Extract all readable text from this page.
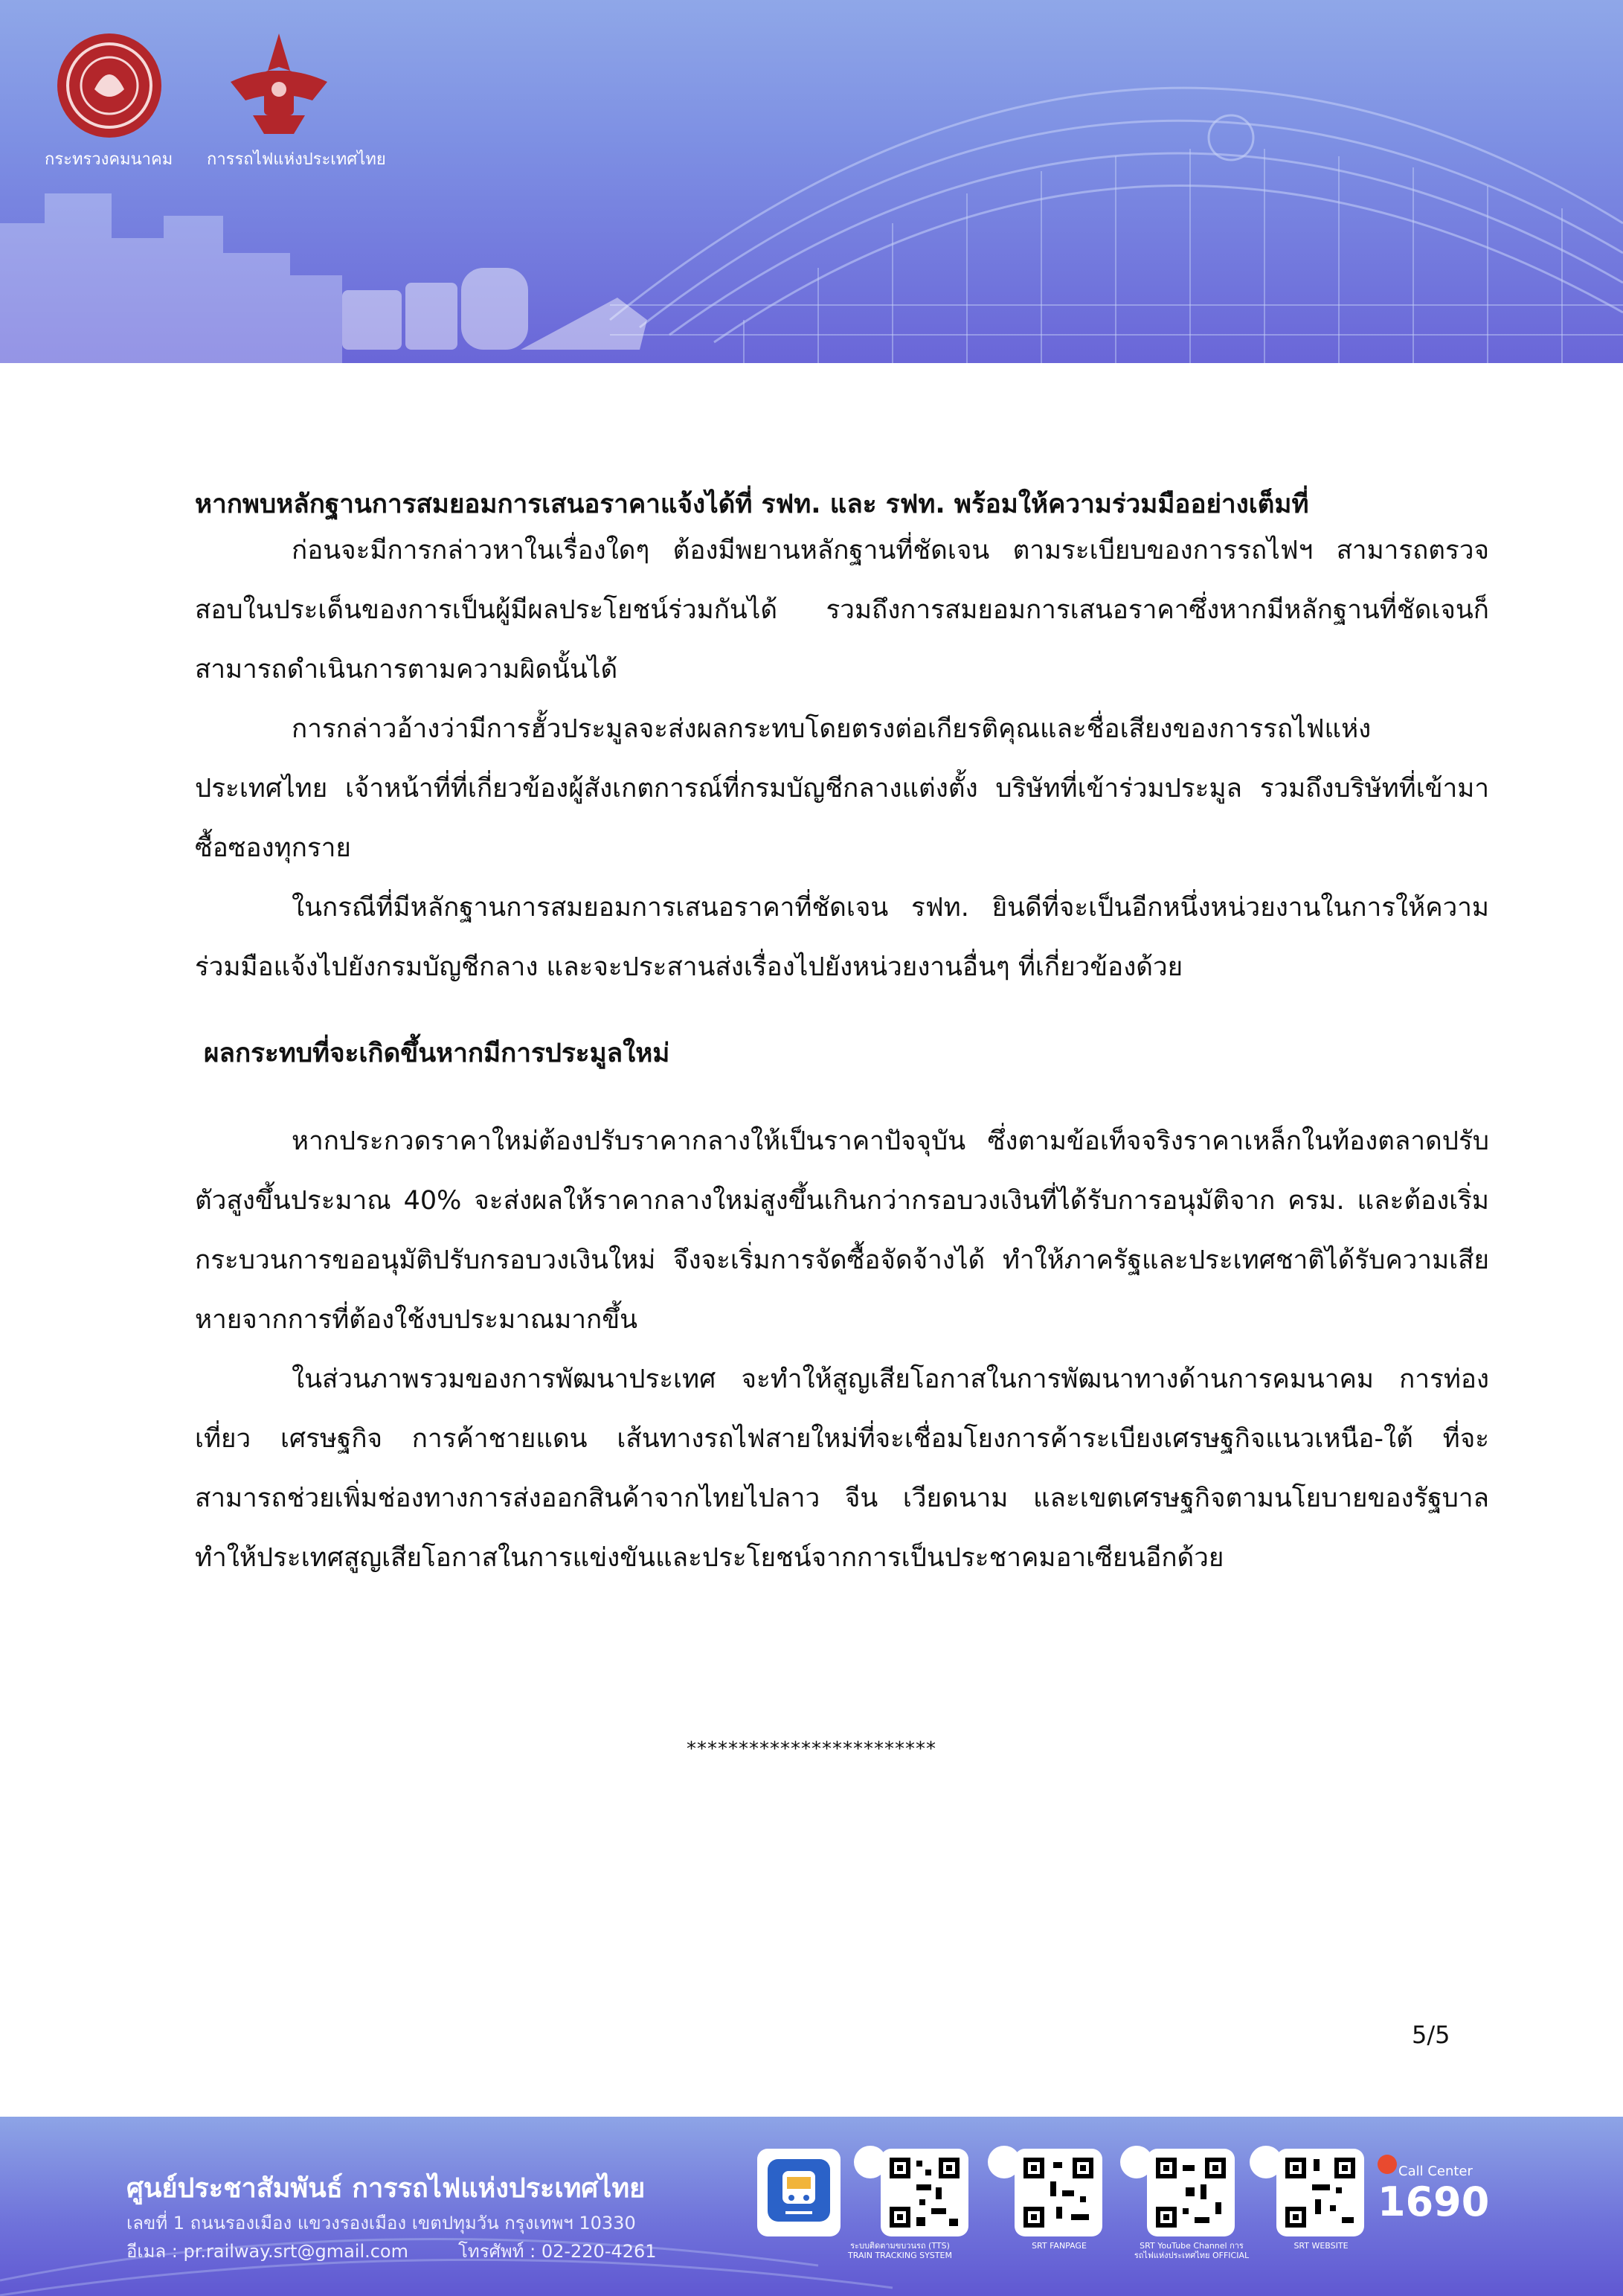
กระทรวงคมนาคม การรถไฟแห่งประเทศไทย
หากพบหลักฐานการสมยอมการเสนอราคาแจ้งได้ที่ รฟท. และ รฟท. พร้อมให้ความร่วมมืออย่างเต็มที่

ก่อนจะมีการกล่าวหาในเรื่องใดๆ ต้องมีพยานหลักฐานที่ชัดเจน ตามระเบียบของการรถไฟฯ สามารถตรวจสอบในประเด็นของการเป็นผู้มีผลประโยชน์ร่วมกันได้ รวมถึงการสมยอมการเสนอราคาซึ่งหากมีหลักฐานที่ชัดเจนก็สามารถดำเนินการตามความผิดนั้นได้

การกล่าวอ้างว่ามีการฮั้วประมูลจะส่งผลกระทบโดยตรงต่อเกียรติคุณและชื่อเสียงของการรถไฟแห่งประเทศไทย เจ้าหน้าที่ที่เกี่ยวข้องผู้สังเกตการณ์ที่กรมบัญชีกลางแต่งตั้ง บริษัทที่เข้าร่วมประมูล รวมถึงบริษัทที่เข้ามาซื้อซองทุกราย

ในกรณีที่มีหลักฐานการสมยอมการเสนอราคาที่ชัดเจน รฟท. ยินดีที่จะเป็นอีกหนึ่งหน่วยงานในการให้ความร่วมมือแจ้งไปยังกรมบัญชีกลาง และจะประสานส่งเรื่องไปยังหน่วยงานอื่นๆ ที่เกี่ยวข้องด้วย

ผลกระทบที่จะเกิดขึ้นหากมีการประมูลใหม่

หากประกวดราคาใหม่ต้องปรับราคากลางให้เป็นราคาปัจจุบัน ซึ่งตามข้อเท็จจริงราคาเหล็กในท้องตลาดปรับตัวสูงขึ้นประมาณ 40% จะส่งผลให้ราคากลางใหม่สูงขึ้นเกินกว่ากรอบวงเงินที่ได้รับการอนุมัติจาก ครม. และต้องเริ่มกระบวนการขออนุมัติปรับกรอบวงเงินใหม่ จึงจะเริ่มการจัดซื้อจัดจ้างได้ ทำให้ภาครัฐและประเทศชาติได้รับความเสียหายจากการที่ต้องใช้งบประมาณมากขึ้น

ในส่วนภาพรวมของการพัฒนาประเทศ จะทำให้สูญเสียโอกาสในการพัฒนาทางด้านการคมนาคม การท่องเที่ยว เศรษฐกิจ การค้าชายแดน เส้นทางรถไฟสายใหม่ที่จะเชื่อมโยงการค้าระเบียงเศรษฐกิจแนวเหนือ-ใต้ ที่จะสามารถช่วยเพิ่มช่องทางการส่งออกสินค้าจากไทยไปลาว จีน เวียดนาม และเขตเศรษฐกิจตามนโยบายของรัฐบาล ทำให้ประเทศสูญเสียโอกาสในการแข่งขันและประโยชน์จากการเป็นประชาคมอาเซียนอีกด้วย

************************
5/5
ศูนย์ประชาสัมพันธ์ การรถไฟแห่งประเทศไทย
เลขที่ 1 ถนนรองเมือง แขวงรองเมือง เขตปทุมวัน กรุงเทพฯ 10330
อีเมล : pr.railway.srt@gmail.com	โทรศัพท์ : 02-220-4261	ระบบติดตามขบวนรถ (TTS) TRAIN TRACKING SYSTEM
SRT FANPAGE	SRT YouTube Channel การรถไฟแห่งประเทศไทย OFFICIAL
SRT WEBSITE
Call Center
1690
